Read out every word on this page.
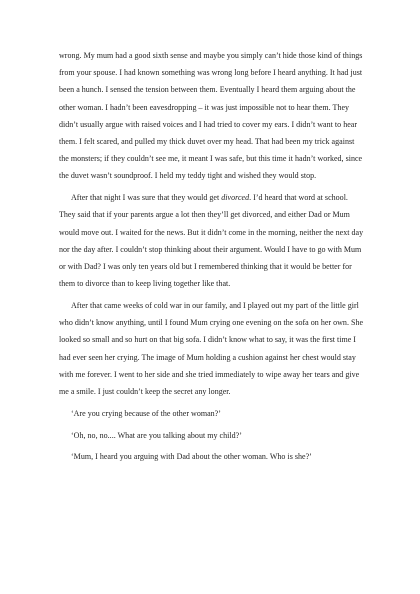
wrong. My mum had a good sixth sense and maybe you simply can’t hide those kind of things from your spouse. I had known something was wrong long before I heard anything. It had just been a hunch. I sensed the tension between them. Eventually I heard them arguing about the other woman. I hadn’t been eavesdropping – it was just impossible not to hear them. They didn’t usually argue with raised voices and I had tried to cover my ears. I didn’t want to hear them. I felt scared, and pulled my thick duvet over my head. That had been my trick against the monsters; if they couldn’t see me, it meant I was safe, but this time it hadn’t worked, since the duvet wasn’t soundproof. I held my teddy tight and wished they would stop.

After that night I was sure that they would get divorced. I’d heard that word at school. They said that if your parents argue a lot then they’ll get divorced, and either Dad or Mum would move out. I waited for the news. But it didn’t come in the morning, neither the next day nor the day after. I couldn’t stop thinking about their argument. Would I have to go with Mum or with Dad? I was only ten years old but I remembered thinking that it would be better for them to divorce than to keep living together like that.

After that came weeks of cold war in our family, and I played out my part of the little girl who didn’t know anything, until I found Mum crying one evening on the sofa on her own. She looked so small and so hurt on that big sofa. I didn’t know what to say, it was the first time I had ever seen her crying. The image of Mum holding a cushion against her chest would stay with me forever. I went to her side and she tried immediately to wipe away her tears and give me a smile. I just couldn’t keep the secret any longer.

‘Are you crying because of the other woman?’

‘Oh, no, no.... What are you talking about my child?’

‘Mum, I heard you arguing with Dad about the other woman. Who is she?’
